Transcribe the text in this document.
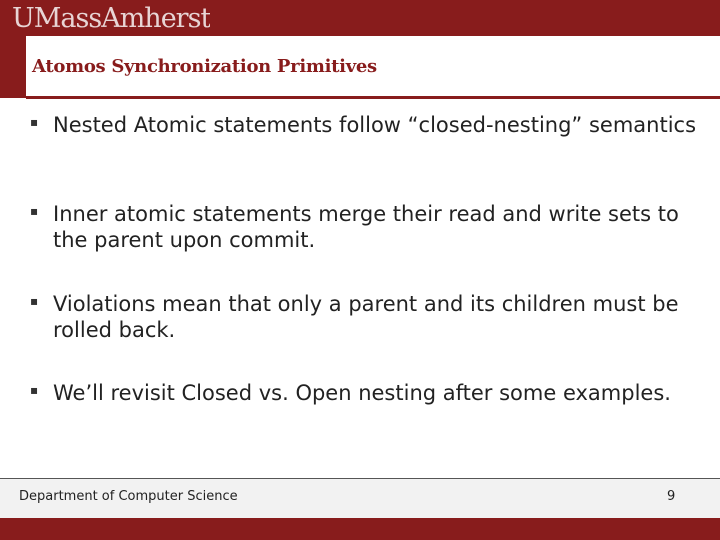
UMassAmherst
Atomos Synchronization Primitives
▪
Nested Atomic statements follow “closed-nesting” semantics
▪
Inner atomic statements merge their read and write sets to the parent upon commit.
▪
Violations mean that only a parent and its children must be rolled back.
▪
We’ll revisit Closed vs. Open nesting after some examples.
Department of Computer Science	9
